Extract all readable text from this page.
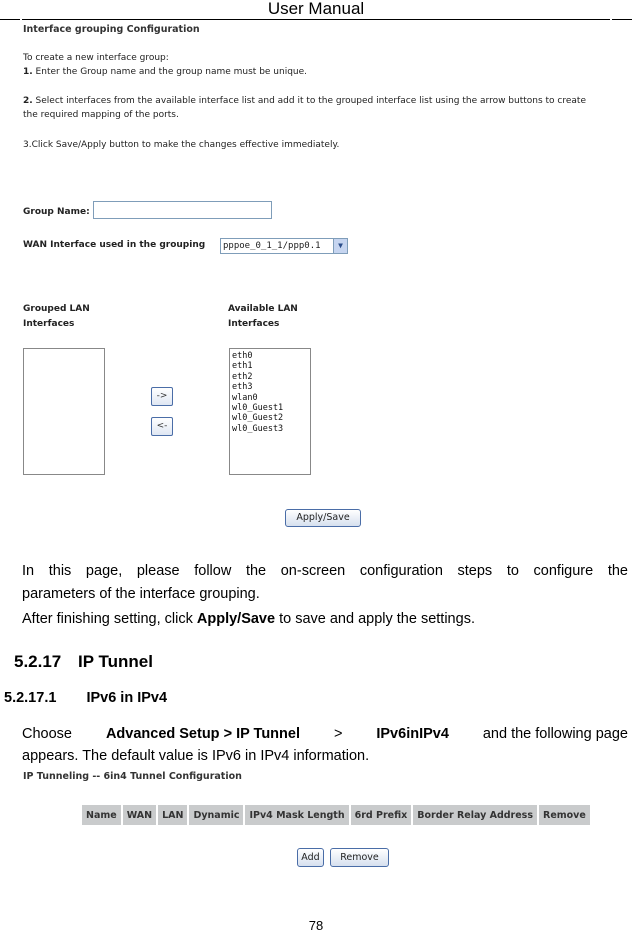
User Manual
Interface grouping Configuration
To create a new interface group:
1. Enter the Group name and the group name must be unique.
2. Select interfaces from the available interface list and add it to the grouped interface list using the arrow buttons to create
the required mapping of the ports.
3.Click Save/Apply button to make the changes effective immediately.
Group Name:
WAN Interface used in the grouping	pppoe_0_1_1/ppp0.1	▼
Grouped LAN
Interfaces
Available LAN
Interfaces
->
<-
eth0
eth1
eth2
eth3
wlan0
wl0_Guest1
wl0_Guest2
wl0_Guest3
Apply/Save
In this page, please follow the on-screen configuration steps to configure the
parameters of the interface grouping.
After finishing setting, click Apply/Save to save and apply the settings.
5.2.17 IP Tunnel
5.2.17.1 IPv6 in IPv4
Choose Advanced Setup > IP Tunnel > IPv6inIPv4 and the following page
appears. The default value is IPv6 in IPv4 information.
IP Tunneling -- 6in4 Tunnel Configuration
Name	WAN	LAN	Dynamic	IPv4 Mask Length	6rd Prefix	Border Relay Address	Remove
Add	Remove
78
